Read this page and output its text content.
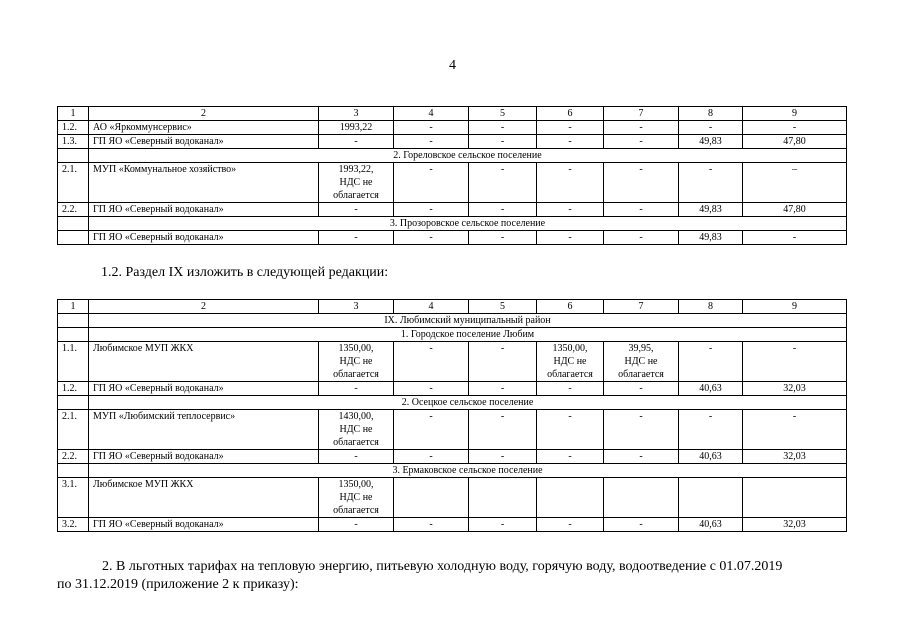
4
1	2	3	4	5	6	7	8	9
1.2.	АО «Яркоммунсервис»	1993,22	-	-	-	-	-	-
1.3.	ГП ЯО «Северный водоканал»	-	-	-	-	-	49,83	47,80
	2. Гореловское сельское поселение							
2.1.	МУП «Коммунальное хозяйство»	1993,22,
НДС не
облагается	-	-	-	-	-	–
2.2.	ГП ЯО «Северный водоканал»	-	-	-	-	-	49,83	47,80
	3. Прозоровское сельское поселение							
	ГП ЯО «Северный водоканал»	-	-	-	-	-	49,83	-
1.2. Раздел IX изложить в следующей редакции:
1	2	3	4	5	6	7	8	9
	IX. Любимский муниципальный район							
	1. Городское поселение Любим							
1.1.	Любимское МУП ЖКХ	1350,00,
НДС не
облагается	-	-	1350,00,
НДС не
облагается	39,95,
НДС не
облагается	-	-
1.2.	ГП ЯО «Северный водоканал»	-	-	-	-	-	40,63	32,03
	2. Осецкое сельское поселение							
2.1.	МУП «Любимский теплосервис»	1430,00,
НДС не
облагается	-	-	-	-	-	-
2.2.	ГП ЯО «Северный водоканал»	-	-	-	-	-	40,63	32,03
	3. Ермаковское сельское поселение							
3.1.	Любимское МУП ЖКХ	1350,00,
НДС не
облагается						
3.2.	ГП ЯО «Северный водоканал»	-	-	-	-	-	40,63	32,03
2. В льготных тарифах на тепловую энергию, питьевую холодную воду, горячую воду, водоотведение с 01.07.2019
по 31.12.2019 (приложение 2 к приказу):
